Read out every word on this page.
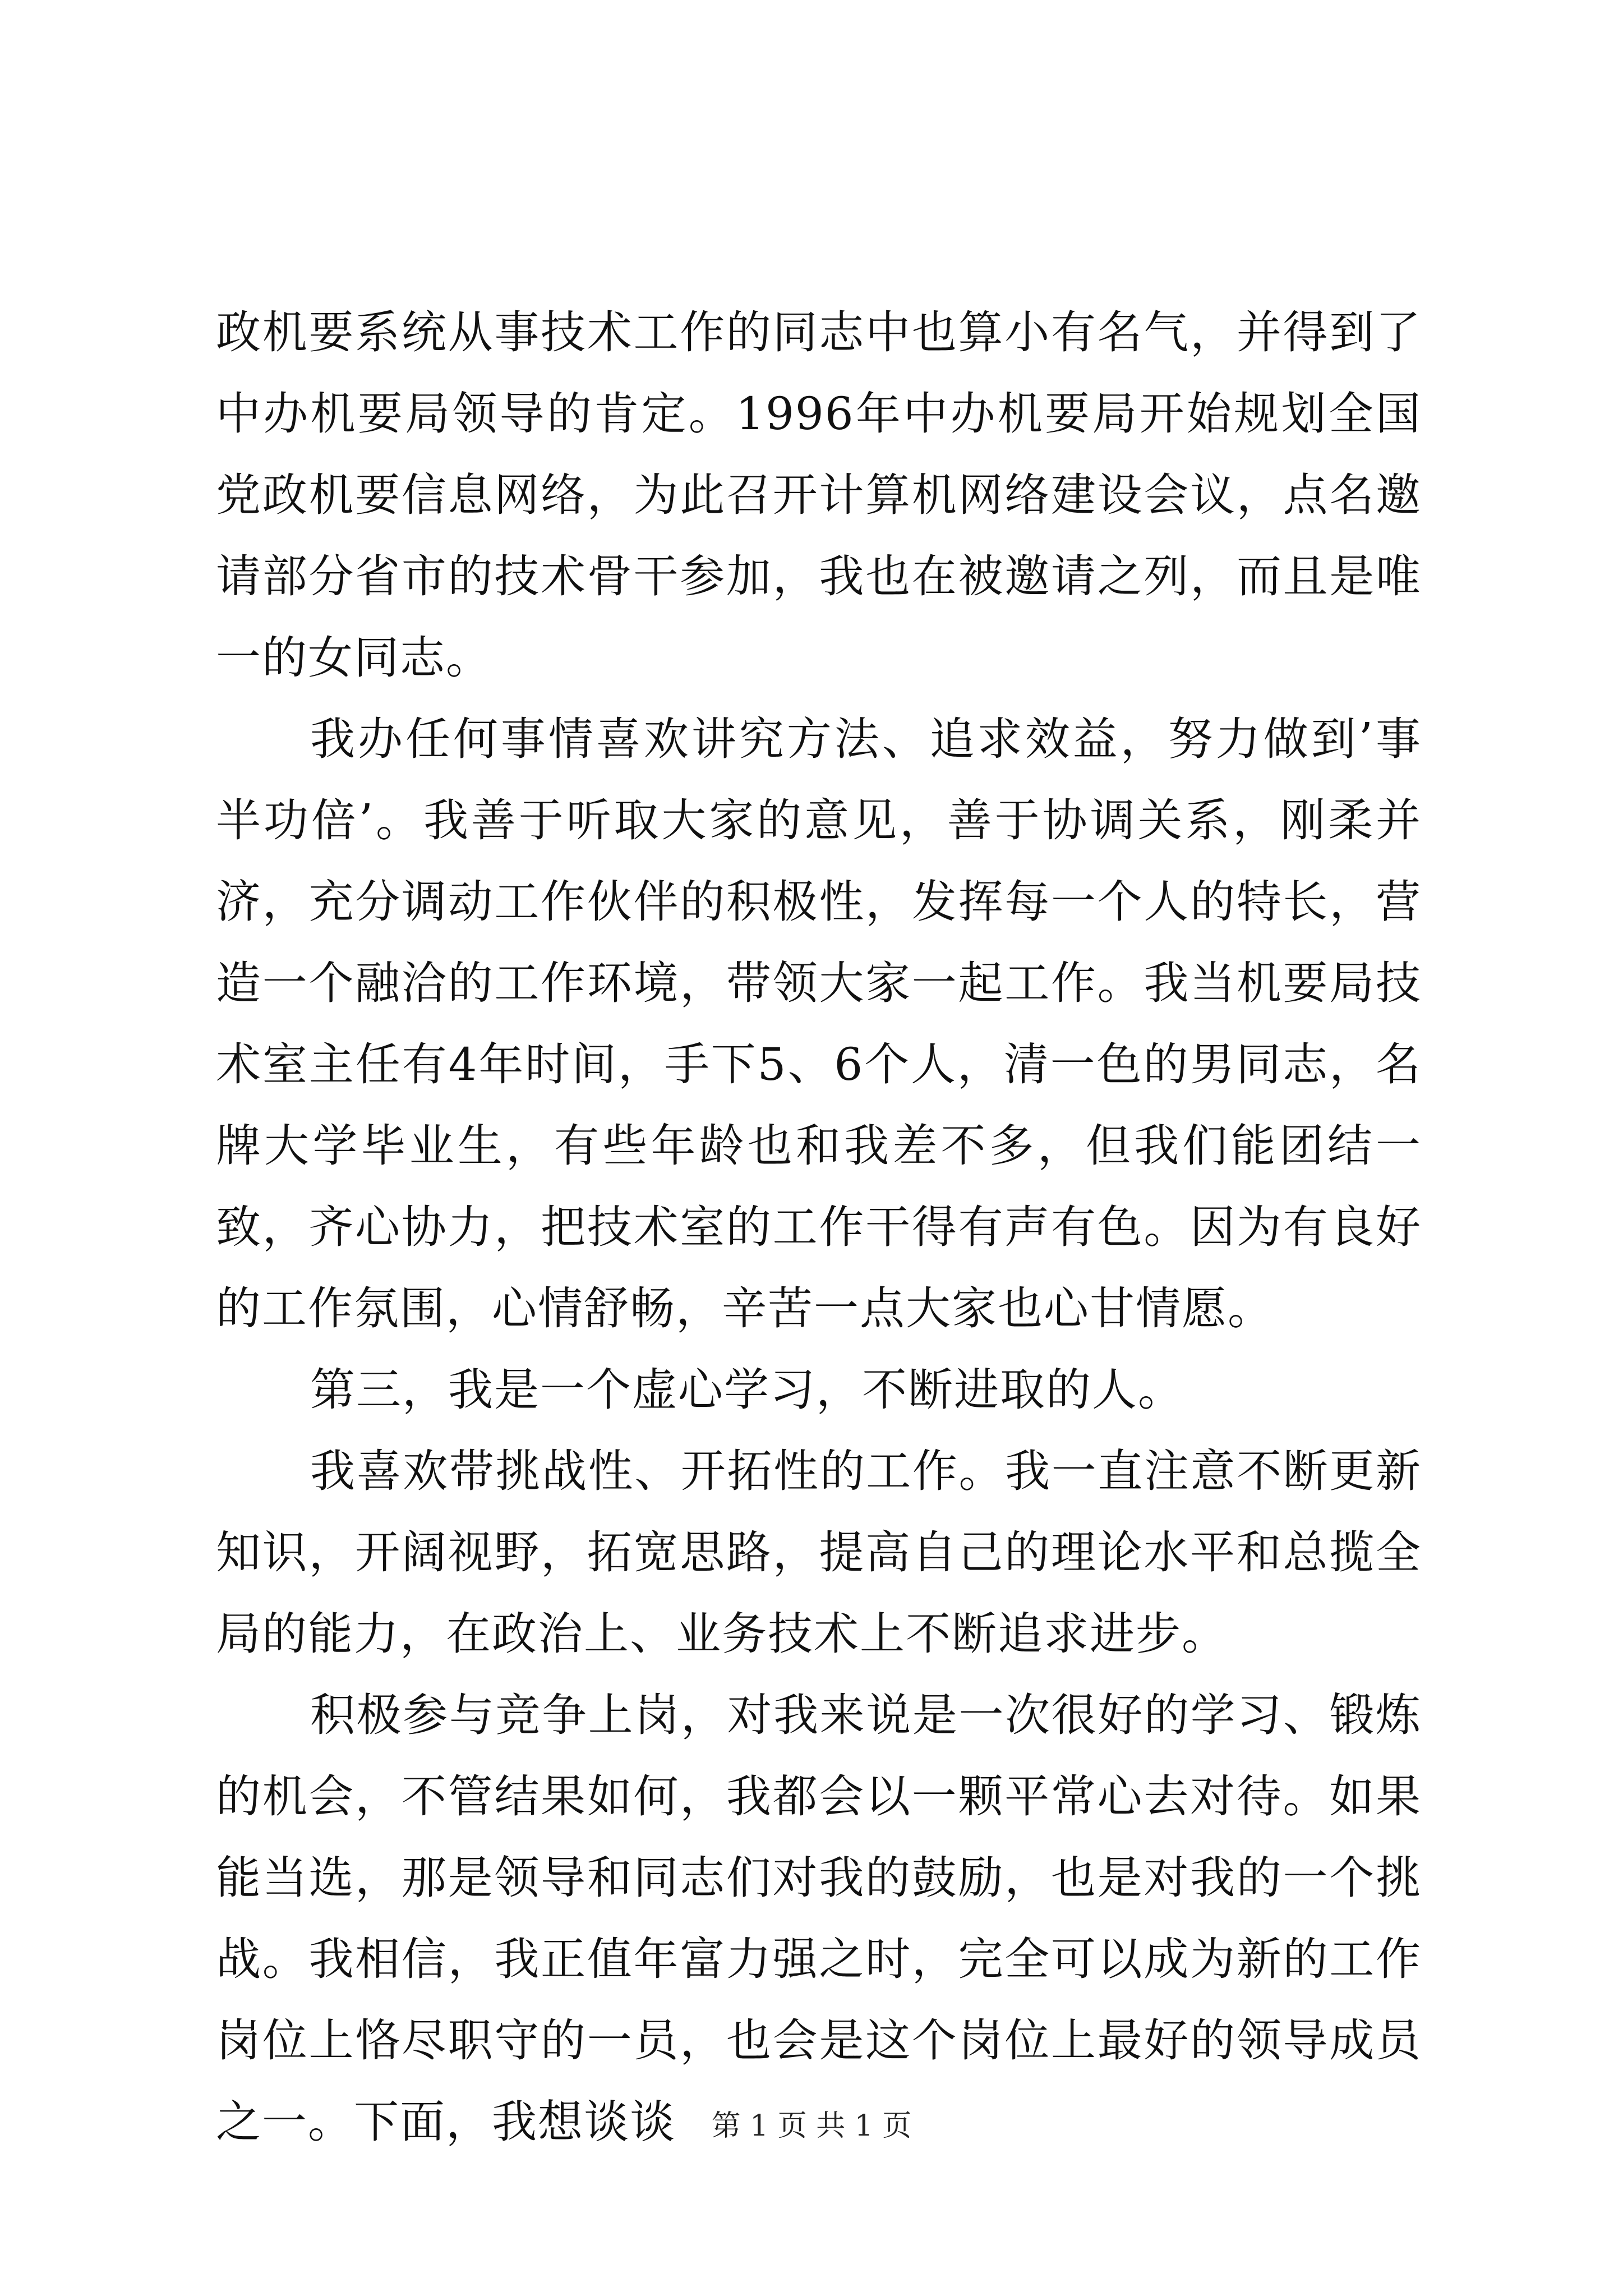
政机要系统从事技术工作的同志中也算小有名气，并得到了中办机要局领导的肯定。1996年中办机要局开始规划全国党政机要信息网络，为此召开计算机网络建设会议，点名邀请部分省市的技术骨干参加，我也在被邀请之列，而且是唯一的女同志。

我办任何事情喜欢讲究方法、追求效益，努力做到’事半功倍’。我善于听取大家的意见，善于协调关系，刚柔并济，充分调动工作伙伴的积极性，发挥每一个人的特长，营造一个融洽的工作环境，带领大家一起工作。我当机要局技术室主任有4年时间，手下5、6个人，清一色的男同志，名牌大学毕业生，有些年龄也和我差不多，但我们能团结一致，齐心协力，把技术室的工作干得有声有色。因为有良好的工作氛围，心情舒畅，辛苦一点大家也心甘情愿。

第三，我是一个虚心学习，不断进取的人。

我喜欢带挑战性、开拓性的工作。我一直注意不断更新知识，开阔视野，拓宽思路，提高自己的理论水平和总揽全局的能力，在政治上、业务技术上不断追求进步。

积极参与竞争上岗，对我来说是一次很好的学习、锻炼的机会，不管结果如何，我都会以一颗平常心去对待。如果能当选，那是领导和同志们对我的鼓励，也是对我的一个挑战。我相信，我正值年富力强之时，完全可以成为新的工作岗位上恪尽职守的一员，也会是这个岗位上最好的领导成员之一。下面，我想谈谈	第 1 页 共 1 页
